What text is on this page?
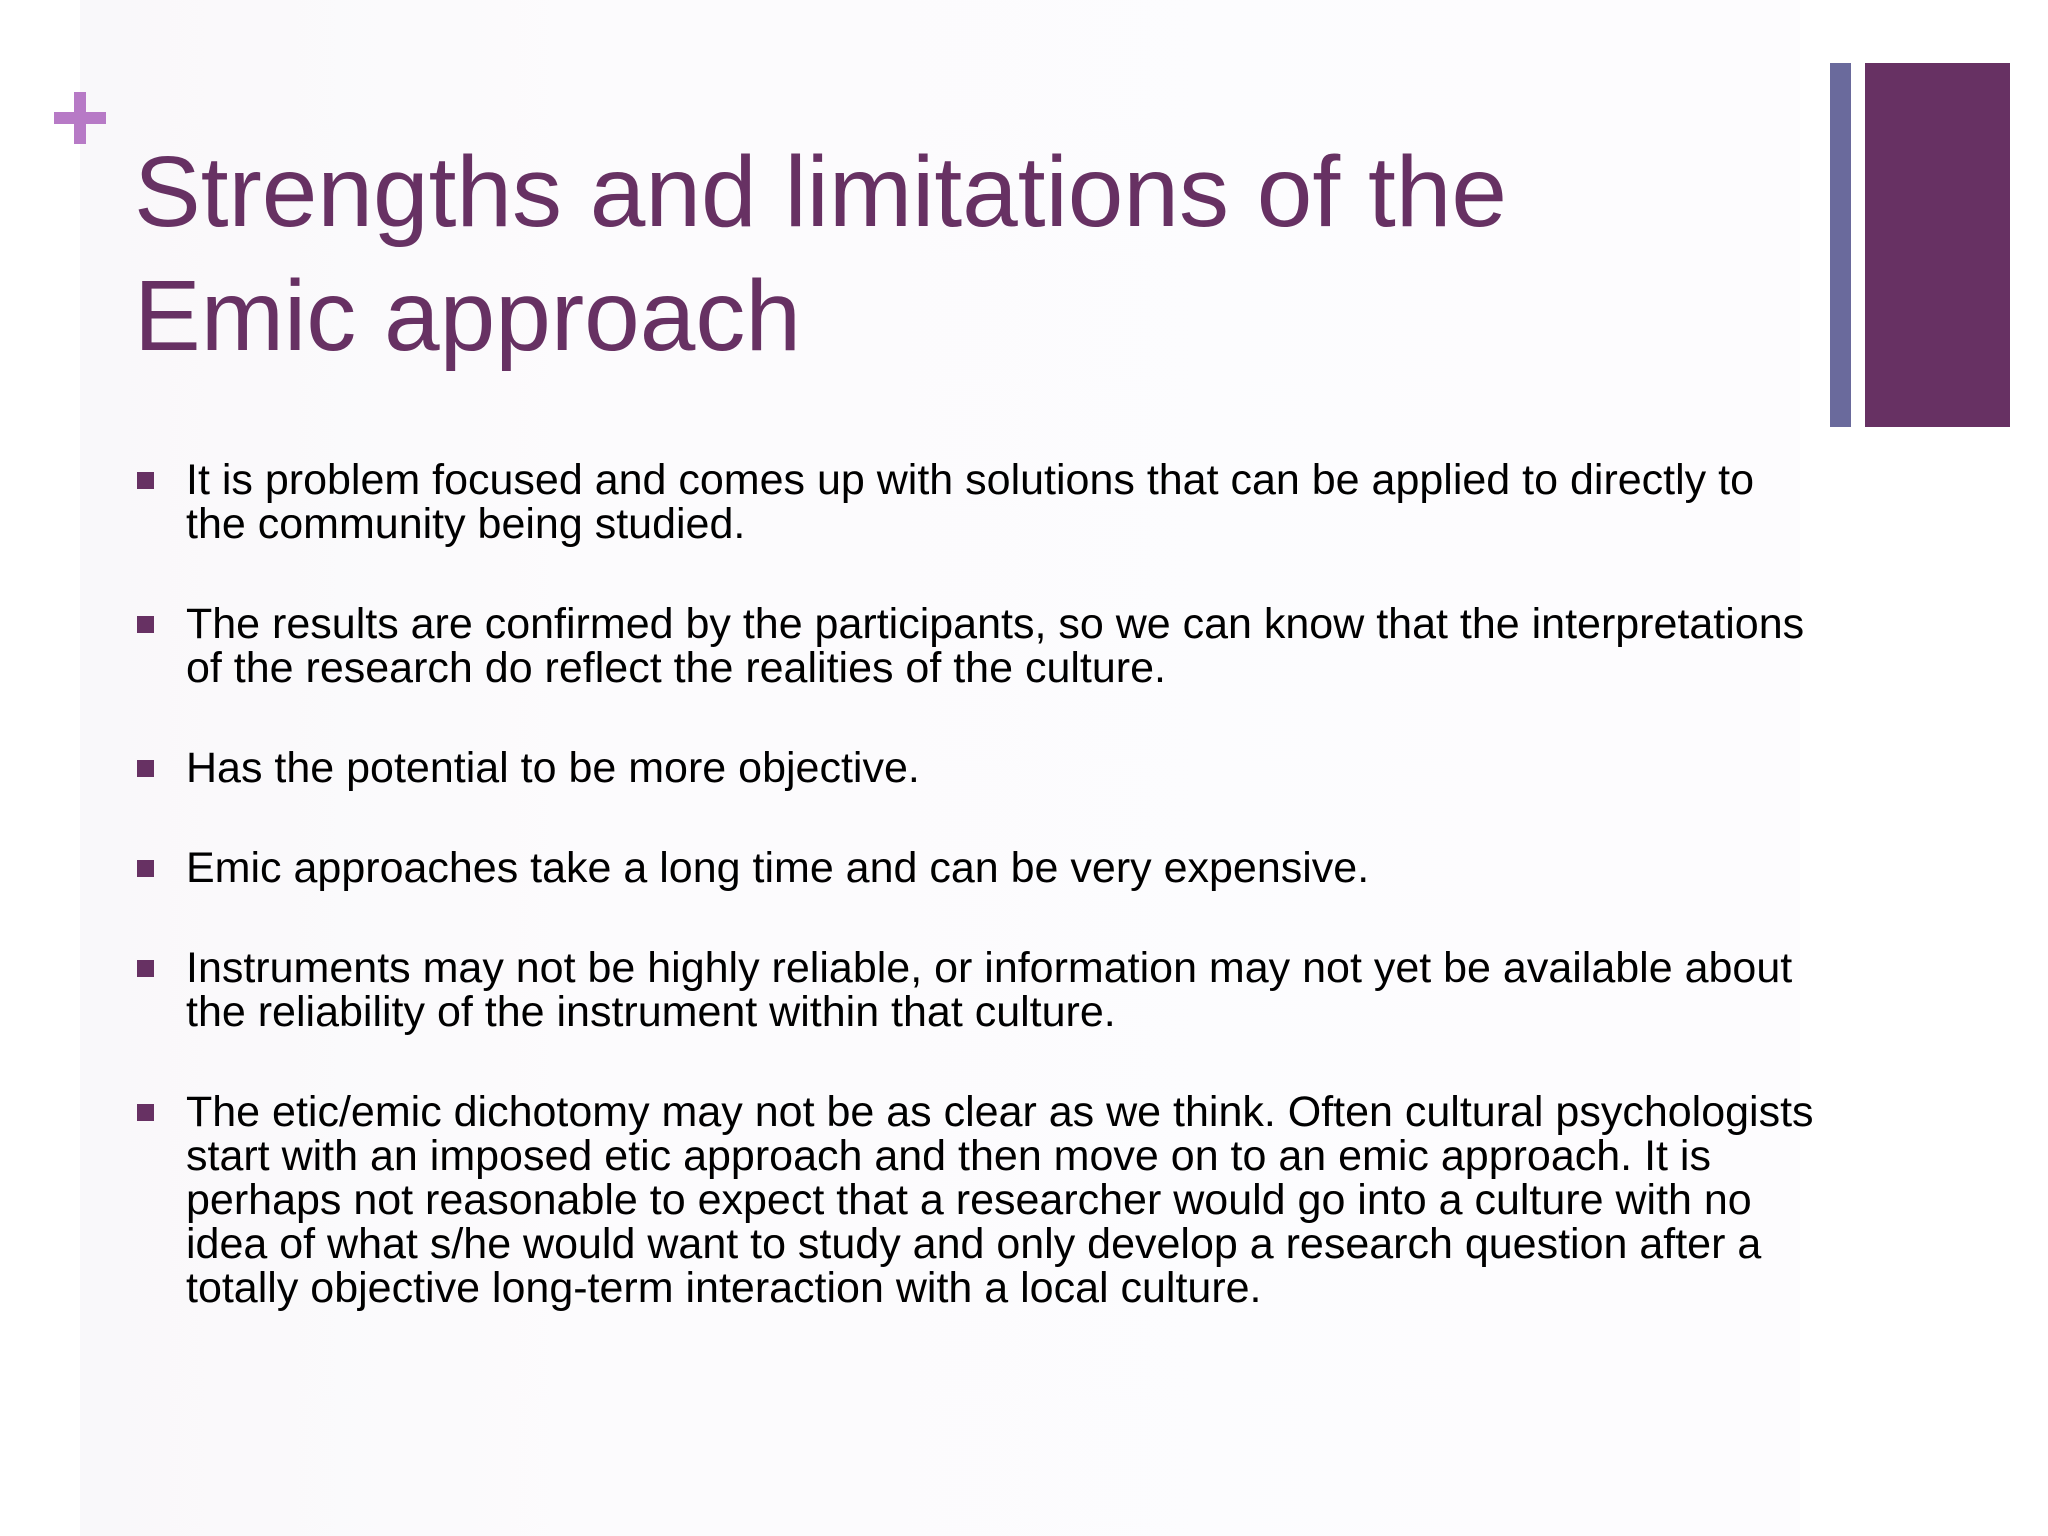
Strengths and limitations of the Emic approach
It is problem focused and comes up with solutions that can be applied to directly to the community being studied.
The results are confirmed by the participants, so we can know that the interpretations of the research do reflect the realities of the culture.
Has the potential to be more objective.
Emic approaches take a long time and can be very expensive.
Instruments may not be highly reliable, or information may not yet be available about the reliability of the instrument within that culture.
The etic/emic dichotomy may not be as clear as we think. Often cultural psychologists start with an imposed etic approach and then move on to an emic approach. It is perhaps not reasonable to expect that a researcher would go into a culture with no idea of what s/he would want to study and only develop a research question after a totally objective long-term interaction with a local culture.
